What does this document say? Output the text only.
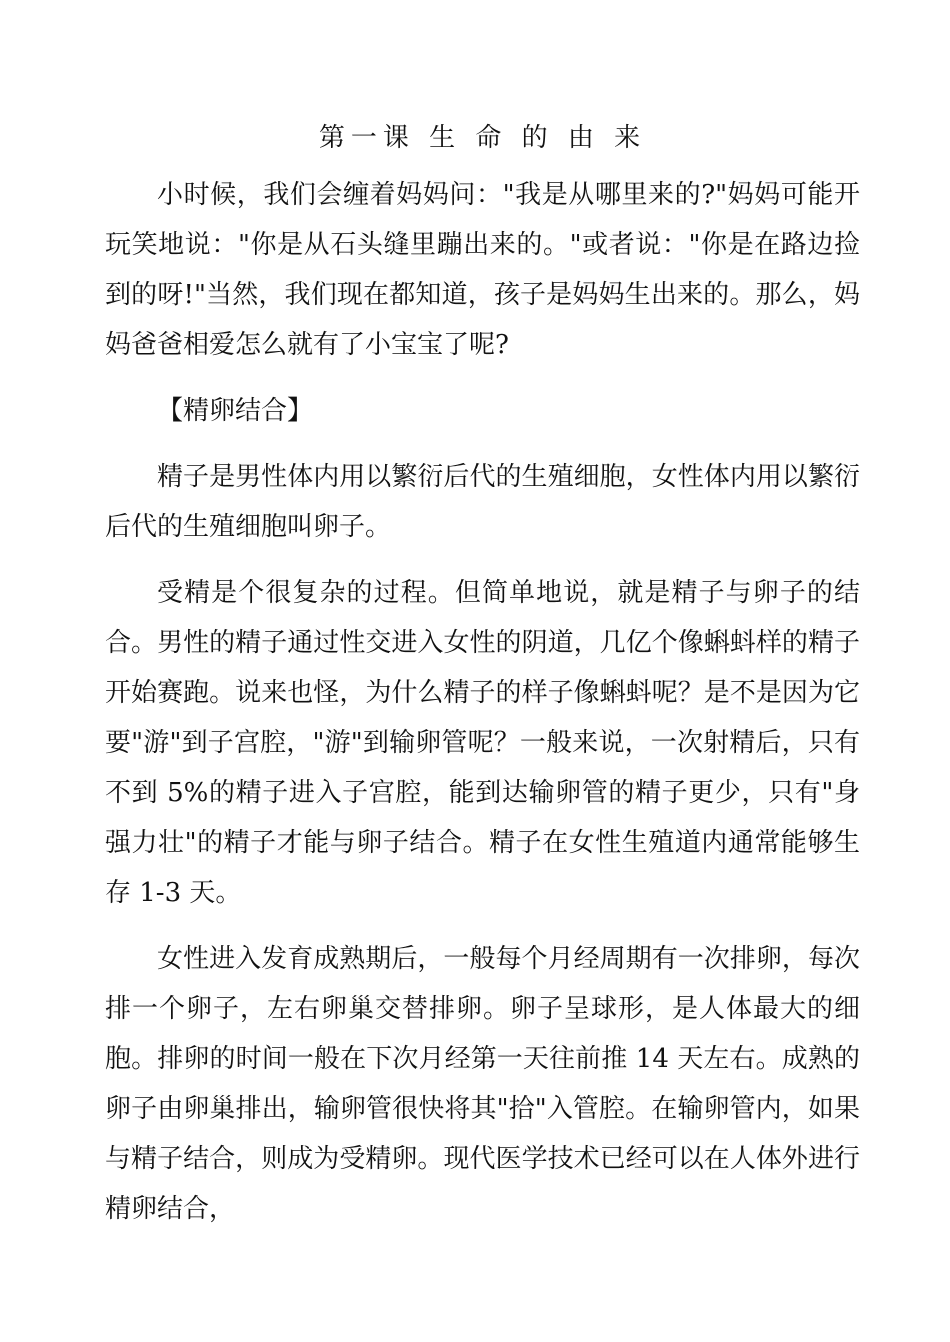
第一课 生 命 的 由 来

小时候，我们会缠着妈妈问："我是从哪里来的?"妈妈可能开玩笑地说："你是从石头缝里蹦出来的。"或者说："你是在路边捡到的呀!"当然，我们现在都知道，孩子是妈妈生出来的。那么，妈妈爸爸相爱怎么就有了小宝宝了呢?

【精卵结合】

精子是男性体内用以繁衍后代的生殖细胞，女性体内用以繁衍后代的生殖细胞叫卵子。

受精是个很复杂的过程。但简单地说，就是精子与卵子的结合。男性的精子通过性交进入女性的阴道，几亿个像蝌蚪样的精子开始赛跑。说来也怪，为什么精子的样子像蝌蚪呢？是不是因为它要"游"到子宫腔，"游"到输卵管呢？一般来说，一次射精后，只有不到 5%的精子进入子宫腔，能到达输卵管的精子更少，只有"身强力壮"的精子才能与卵子结合。精子在女性生殖道内通常能够生存 1-3 天。

女性进入发育成熟期后，一般每个月经周期有一次排卵，每次排一个卵子，左右卵巢交替排卵。卵子呈球形，是人体最大的细胞。排卵的时间一般在下次月经第一天往前推 14 天左右。成熟的卵子由卵巢排出，输卵管很快将其"拾"入管腔。在输卵管内，如果与精子结合，则成为受精卵。现代医学技术已经可以在人体外进行精卵结合，
